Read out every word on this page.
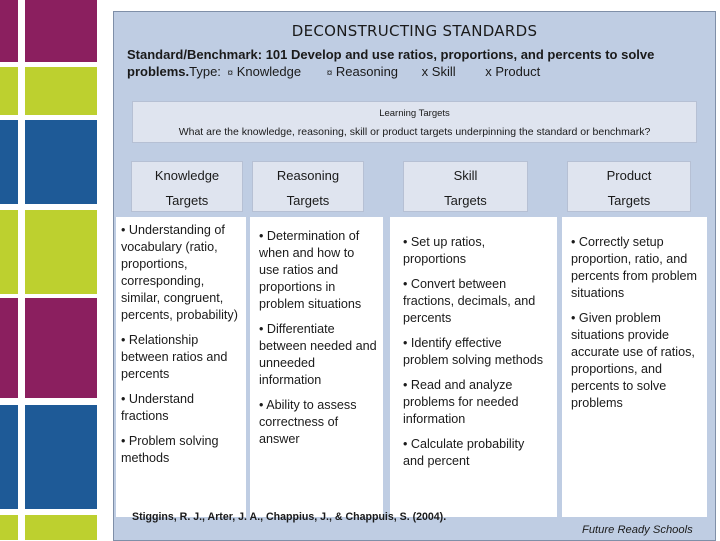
DECONSTRUCTING STANDARDS
Standard/Benchmark: 101 Develop and use ratios, proportions, and percents to solve problems.Type: ¤ Knowledge	¤ Reasoning x Skill x Product
Learning Targets
What are the knowledge, reasoning, skill or product targets underpinning the standard or benchmark?
Knowledge
Targets
Reasoning
Targets
Skill
Targets
Product
Targets
• Understanding of vocabulary (ratio, proportions, corresponding, similar, congruent, percents, probability)
• Relationship between ratios and percents
• Understand fractions
• Problem solving methods
• Determination of when and how to use ratios and proportions in problem situations
• Differentiate between needed and unneeded information
• Ability to assess correctness of answer
• Set up ratios, proportions
• Convert between fractions, decimals, and percents
• Identify effective problem solving methods
• Read and analyze problems for needed information
• Calculate probability and percent
• Correctly setup proportion, ratio, and percents from problem situations
• Given problem situations provide accurate use of ratios, proportions, and percents to solve problems
Stiggins, R. J., Arter, J. A., Chappius, J., & Chappuis, S. (2004).
Future Ready Schools
